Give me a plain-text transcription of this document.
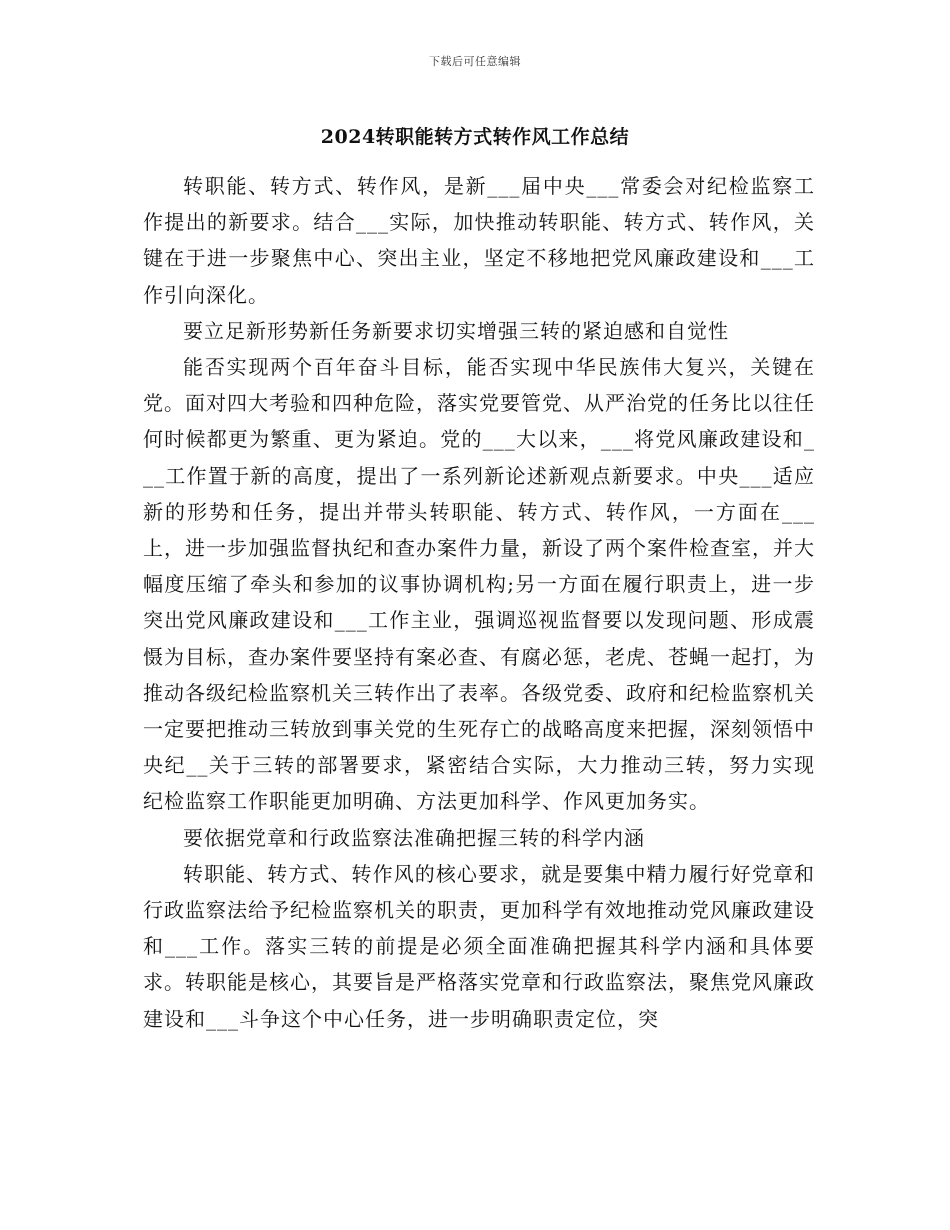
下载后可任意编辑
2024转职能转方式转作风工作总结

转职能、转方式、转作风，是新___届中央___常委会对纪检监察工作提出的新要求。结合___实际，加快推动转职能、转方式、转作风，关键在于进一步聚焦中心、突出主业，坚定不移地把党风廉政建设和___工作引向深化。

要立足新形势新任务新要求切实增强三转的紧迫感和自觉性

能否实现两个百年奋斗目标，能否实现中华民族伟大复兴，关键在党。面对四大考验和四种危险，落实党要管党、从严治党的任务比以往任何时候都更为繁重、更为紧迫。党的___大以来，___将党风廉政建设和___工作置于新的高度，提出了一系列新论述新观点新要求。中央___适应新的形势和任务，提出并带头转职能、转方式、转作风，一方面在___上，进一步加强监督执纪和查办案件力量，新设了两个案件检查室，并大幅度压缩了牵头和参加的议事协调机构;另一方面在履行职责上，进一步突出党风廉政建设和___工作主业，强调巡视监督要以发现问题、形成震慑为目标，查办案件要坚持有案必查、有腐必惩，老虎、苍蝇一起打，为推动各级纪检监察机关三转作出了表率。各级党委、政府和纪检监察机关一定要把推动三转放到事关党的生死存亡的战略高度来把握，深刻领悟中央纪__关于三转的部署要求，紧密结合实际，大力推动三转，努力实现纪检监察工作职能更加明确、方法更加科学、作风更加务实。

要依据党章和行政监察法准确把握三转的科学内涵

转职能、转方式、转作风的核心要求，就是要集中精力履行好党章和行政监察法给予纪检监察机关的职责，更加科学有效地推动党风廉政建设和___工作。落实三转的前提是必须全面准确把握其科学内涵和具体要求。转职能是核心，其要旨是严格落实党章和行政监察法，聚焦党风廉政建设和___斗争这个中心任务，进一步明确职责定位，突
